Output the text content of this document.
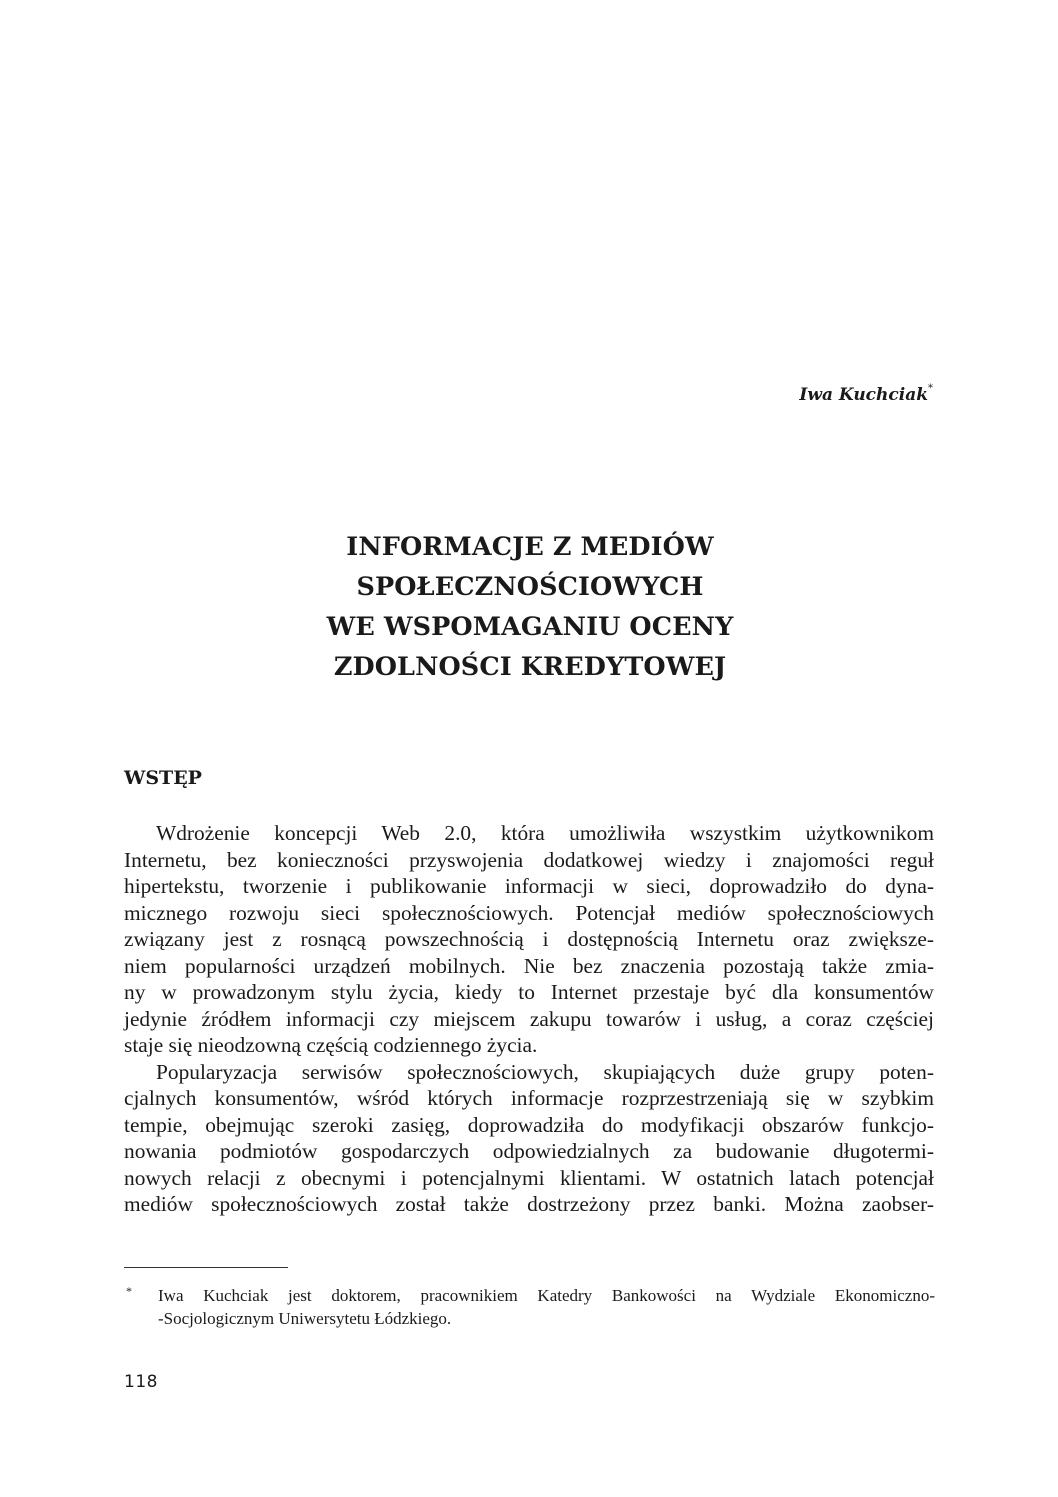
Iwa Kuchciak*
INFORMACJE Z MEDIÓW
SPOŁECZNOŚCIOWYCH
WE WSPOMAGANIU OCENY
ZDOLNOŚCI KREDYTOWEJ
WSTĘP
Wdrożenie koncepcji Web 2.0, która umożliwiła wszystkim użytkownikom
Internetu, bez konieczności przyswojenia dodatkowej wiedzy i znajomości reguł
hipertekstu, tworzenie i publikowanie informacji w sieci, doprowadziło do dyna-
micznego rozwoju sieci społecznościowych. Potencjał mediów społecznościowych
związany jest z rosnącą powszechnością i dostępnością Internetu oraz zwiększe-
niem popularności urządzeń mobilnych. Nie bez znaczenia pozostają także zmia-
ny w prowadzonym stylu życia, kiedy to Internet przestaje być dla konsumentów
jedynie źródłem informacji czy miejscem zakupu towarów i usług, a coraz częściej
staje się nieodzowną częścią codziennego życia.
Popularyzacja serwisów społecznościowych, skupiających duże grupy poten-
cjalnych konsumentów, wśród których informacje rozprzestrzeniają się w szybkim
tempie, obejmując szeroki zasięg, doprowadziła do modyfikacji obszarów funkcjo-
nowania podmiotów gospodarczych odpowiedzialnych za budowanie długotermi-
nowych relacji z obecnymi i potencjalnymi klientami. W ostatnich latach potencjał
mediów społecznościowych został także dostrzeżony przez banki. Można zaobser-
* Iwa Kuchciak jest doktorem, pracownikiem Katedry Bankowości na Wydziale Ekonomiczno-
-Socjologicznym Uniwersytetu Łódzkiego.
118
